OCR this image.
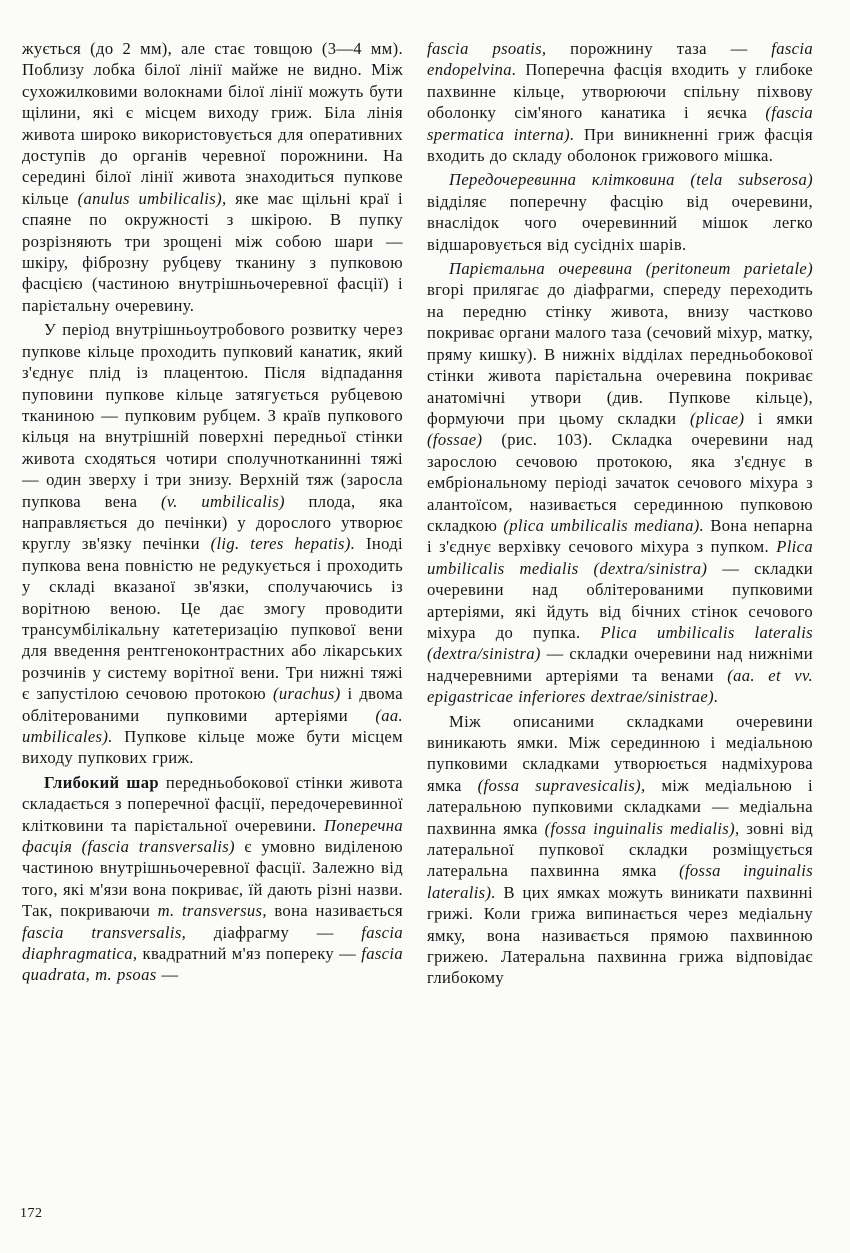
жується (до 2 мм), але стає товщою (3—4 мм). Поблизу лобка білої лінії майже не видно. Між сухожилковими волокнами білої лінії можуть бути щілини, які є місцем виходу гриж. Біла лінія живота широко використовується для оперативних доступів до органів черевної порожнини. На середині білої лінії живота знаходиться пупкове кільце (anulus umbilicalis), яке має щільні краї і спаяне по окружності з шкірою. В пупку розрізняють три зрощені між собою шари — шкіру, фіброзну рубцеву тканину з пупковою фасцією (частиною внутрішньочеревної фасції) і парієтальну очеревину.

У період внутрішньоутробового розвитку через пупкове кільце проходить пупковий канатик, який з'єднує плід із плацентою. Після відпадання пуповини пупкове кільце затягується рубцевою тканиною — пупковим рубцем. З країв пупкового кільця на внутрішній поверхні передньої стінки живота сходяться чотири сполучнотканинні тяжі — один зверху і три знизу. Верхній тяж (заросла пупкова вена (v. umbilicalis) плода, яка направляється до печінки) у дорослого утворює круглу зв'язку печінки (lig. teres hepatis). Іноді пупкова вена повністю не редукується і проходить у складі вказаної зв'язки, сполучаючись із ворітною веною. Це дає змогу проводити трансумбілікальну катетеризацію пупкової вени для введення рентгеноконтрастних або лікарських розчинів у систему ворітної вени. Три нижні тяжі є запустілою сечовою протокою (urachus) і двома облітерованими пупковими артеріями (aa. umbilicales). Пупкове кільце може бути місцем виходу пупкових гриж.

Глибокий шар передньобокової стінки живота складається з поперечної фасції, передочеревинної клітковини та парієтальної очеревини. Поперечна фасція (fascia transversalis) є умовно виділеною частиною внутрішньочеревної фасції. Залежно від того, які м'язи вона покриває, їй дають різні назви. Так, покриваючи m. transversus, вона називається fascia transversalis, діафрагму — fascia diaphragmatica, квадратний м'яз попереку — fascia quadrata, m. psoas —

fascia psoatis, порожнину таза — fascia endopelvina. Поперечна фасція входить у глибоке пахвинне кільце, утворюючи спільну піхвову оболонку сім'яного канатика і яєчка (fascia spermatica interna). При виникненні гриж фасція входить до складу оболонок грижового мішка.

Передочеревинна клітковина (tela subserosa) відділяє поперечну фасцію від очеревини, внаслідок чого очеревинний мішок легко відшаровується від сусідніх шарів.

Парієтальна очеревина (peritoneum parietale) вгорі прилягає до діафрагми, спереду переходить на передню стінку живота, внизу частково покриває органи малого таза (сечовий міхур, матку, пряму кишку). В нижніх відділах передньобокової стінки живота парієтальна очеревина покриває анатомічні утвори (див. Пупкове кільце), формуючи при цьому складки (plicae) і ямки (fossae) (рис. 103). Складка очеревини над зарослою сечовою протокою, яка з'єднує в ембріональному періоді зачаток сечового міхура з алантоїсом, називається серединною пупковою складкою (plica umbilicalis mediana). Вона непарна і з'єднує верхівку сечового міхура з пупком. Plica umbilicalis medialis (dextra/sinistra) — складки очеревини над облітерованими пупковими артеріями, які йдуть від бічних стінок сечового міхура до пупка. Plica umbilicalis lateralis (dextra/sinistra) — складки очеревини над нижніми надчеревними артеріями та венами (aa. et vv. epigastricae inferiores dextrae/sinistrae).

Між описаними складками очеревини виникають ямки. Між серединною і медіальною пупковими складками утворюється надміхурова ямка (fossa supravesicalis), між медіальною і латеральною пупковими складками — медіальна пахвинна ямка (fossa inguinalis medialis), зовні від латеральної пупкової складки розміщується латеральна пахвинна ямка (fossa inguinalis lateralis). В цих ямках можуть виникати пахвинні грижі. Коли грижа випинається через медіальну ямку, вона називається прямою пахвинною грижею. Латеральна пахвинна грижа відповідає глибокому

172
